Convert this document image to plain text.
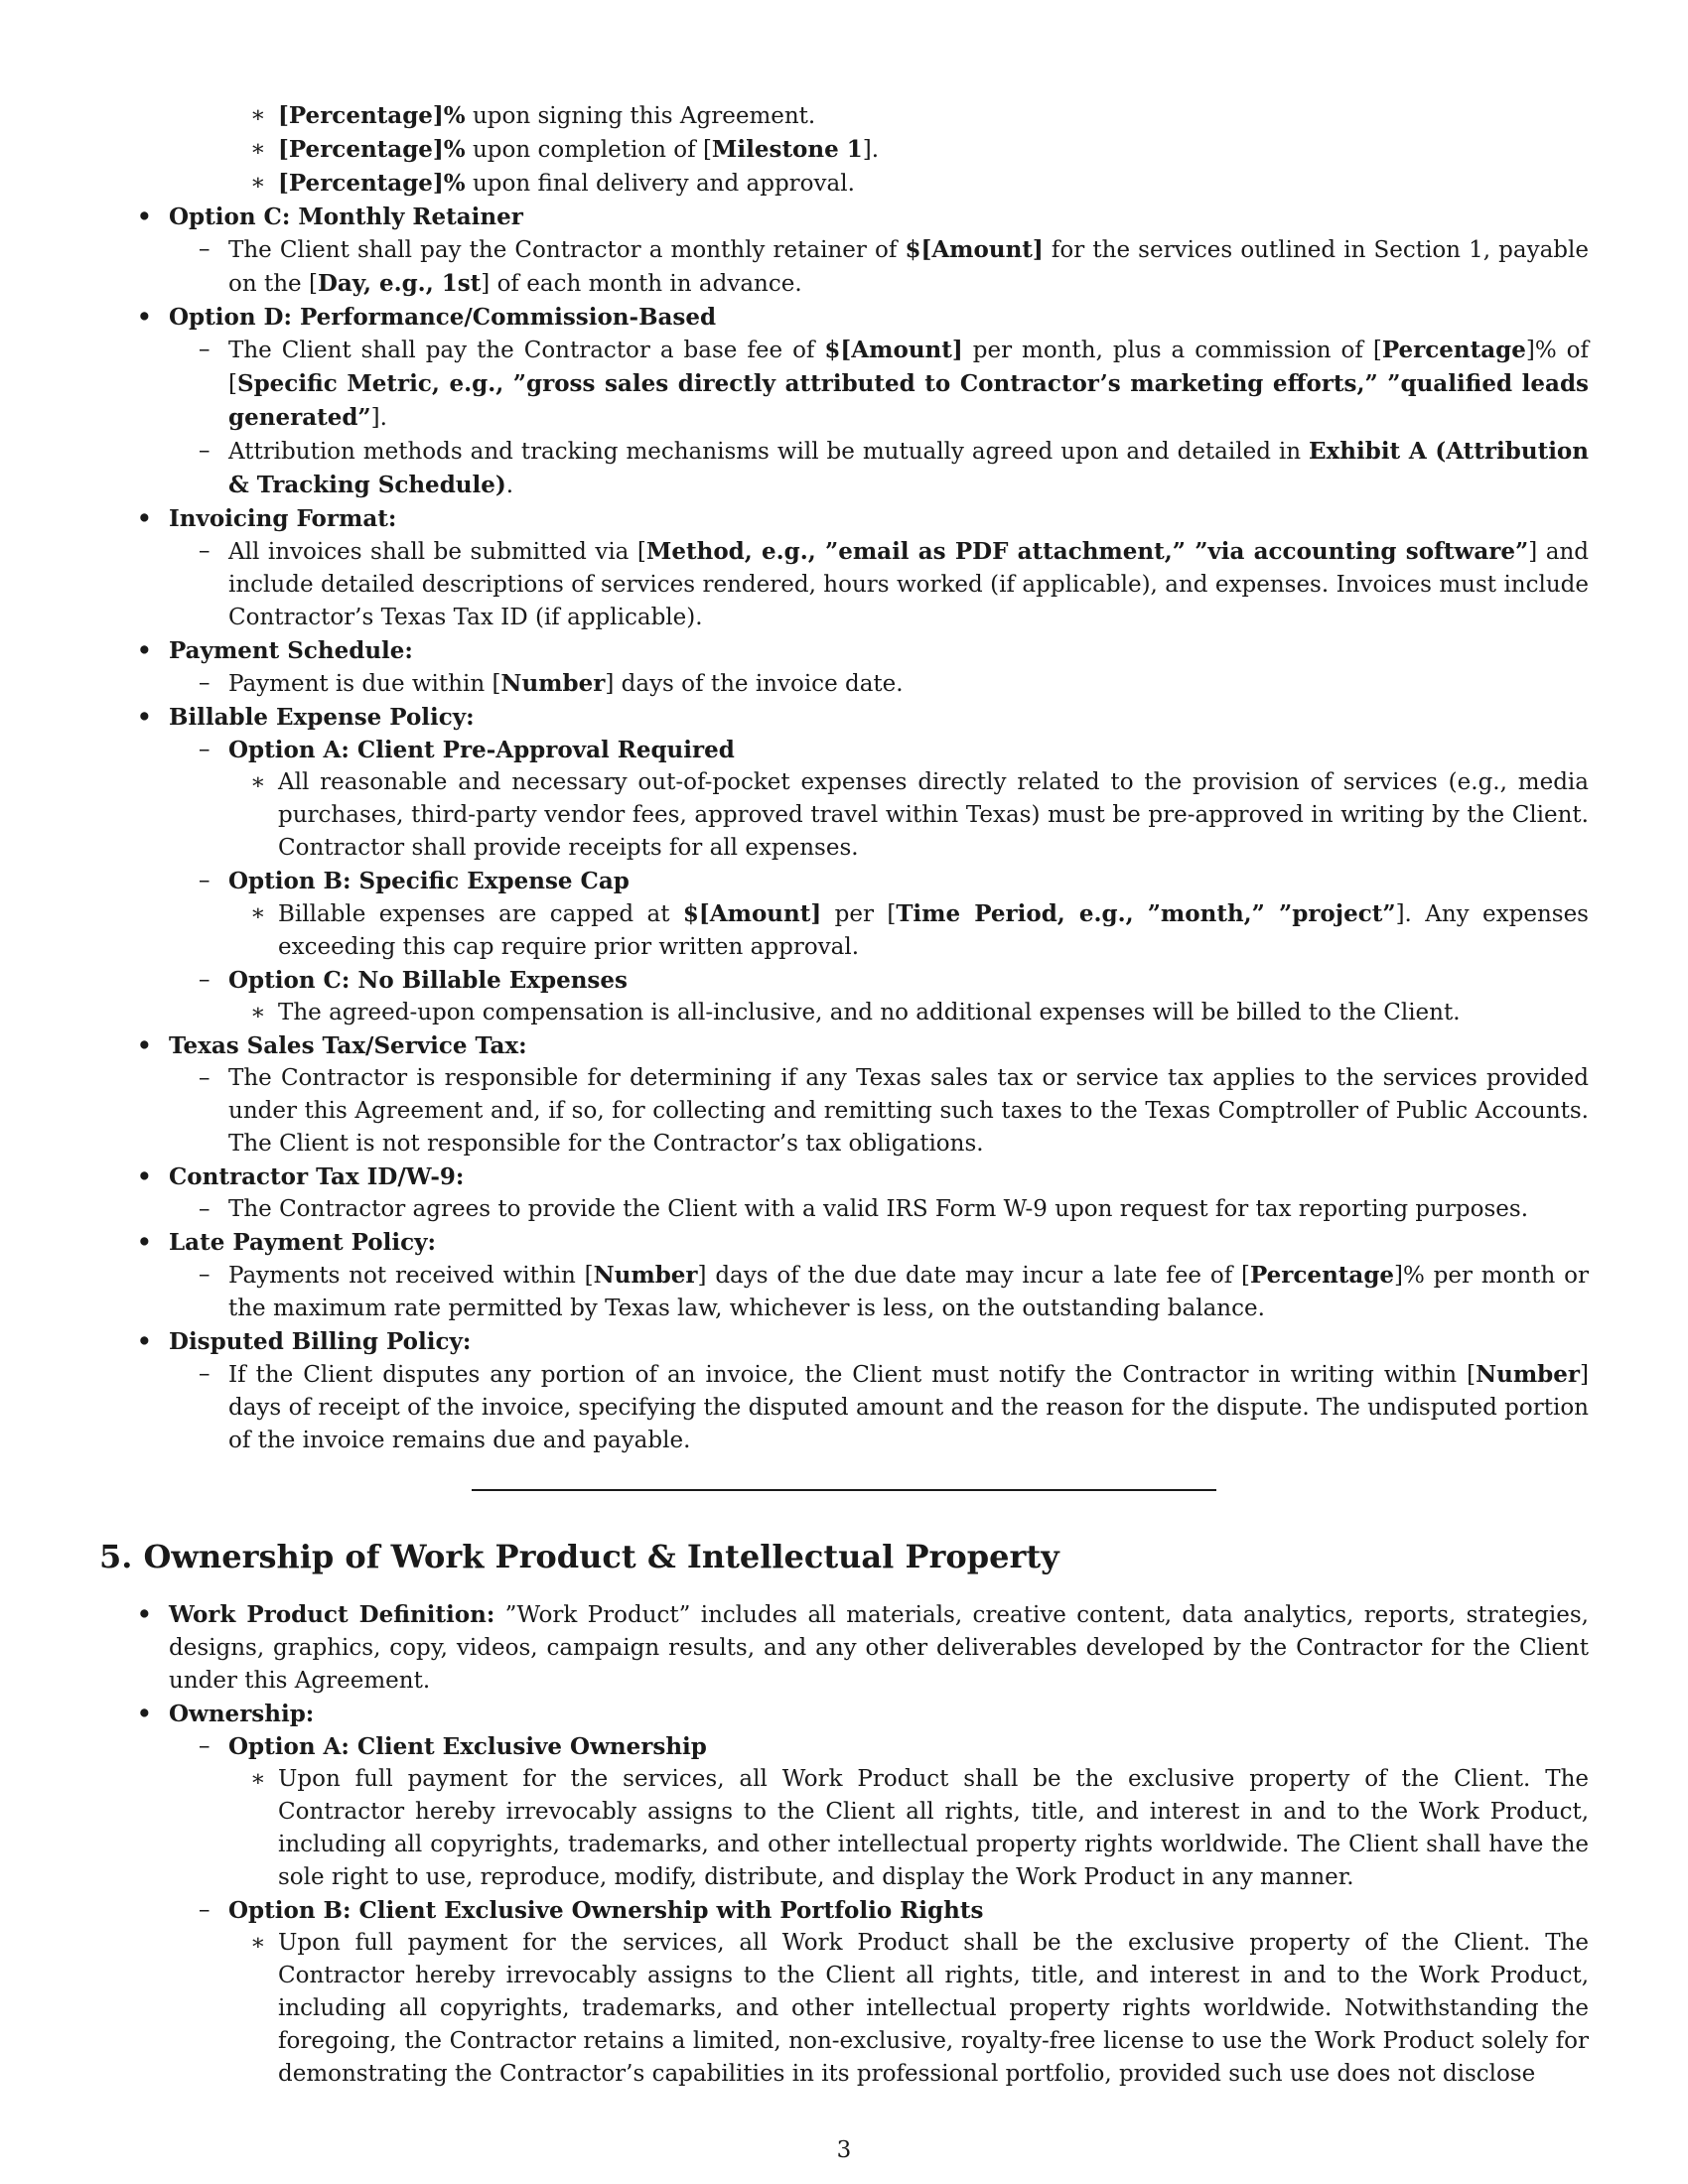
∗ [Percentage]% upon signing this Agreement.
∗ [Percentage]% upon completion of [Milestone 1].
∗ [Percentage]% upon final delivery and approval.
• Option C: Monthly Retainer
– The Client shall pay the Contractor a monthly retainer of $[Amount] for the services outlined in Section 1, payable on the [Day, e.g., 1st] of each month in advance.
• Option D: Performance/Commission-Based
– The Client shall pay the Contractor a base fee of $[Amount] per month, plus a commission of [Percentage]% of [Specific Metric, e.g., ”gross sales directly attributed to Contractor’s marketing efforts,” ”qualified leads generated”].
– Attribution methods and tracking mechanisms will be mutually agreed upon and detailed in Exhibit A (Attribution & Tracking Schedule).
• Invoicing Format:
– All invoices shall be submitted via [Method, e.g., ”email as PDF attachment,” ”via accounting software”] and include detailed descriptions of services rendered, hours worked (if applicable), and expenses. Invoices must include Contractor’s Texas Tax ID (if applicable).
• Payment Schedule:
– Payment is due within [Number] days of the invoice date.
• Billable Expense Policy:
– Option A: Client Pre-Approval Required
∗ All reasonable and necessary out-of-pocket expenses directly related to the provision of services (e.g., media purchases, third-party vendor fees, approved travel within Texas) must be pre-approved in writing by the Client. Contractor shall provide receipts for all expenses.
– Option B: Specific Expense Cap
∗ Billable expenses are capped at $[Amount] per [Time Period, e.g., ”month,” ”project”]. Any expenses exceeding this cap require prior written approval.
– Option C: No Billable Expenses
∗ The agreed-upon compensation is all-inclusive, and no additional expenses will be billed to the Client.
• Texas Sales Tax/Service Tax:
– The Contractor is responsible for determining if any Texas sales tax or service tax applies to the services provided under this Agreement and, if so, for collecting and remitting such taxes to the Texas Comptroller of Public Accounts. The Client is not responsible for the Contractor’s tax obligations.
• Contractor Tax ID/W-9:
– The Contractor agrees to provide the Client with a valid IRS Form W-9 upon request for tax reporting purposes.
• Late Payment Policy:
– Payments not received within [Number] days of the due date may incur a late fee of [Percentage]% per month or the maximum rate permitted by Texas law, whichever is less, on the outstanding balance.
• Disputed Billing Policy:
– If the Client disputes any portion of an invoice, the Client must notify the Contractor in writing within [Number] days of receipt of the invoice, specifying the disputed amount and the reason for the dispute. The undisputed portion of the invoice remains due and payable.
5. Ownership of Work Product & Intellectual Property
• Work Product Definition: ”Work Product” includes all materials, creative content, data analytics, reports, strategies, designs, graphics, copy, videos, campaign results, and any other deliverables developed by the Contractor for the Client under this Agreement.
• Ownership:
– Option A: Client Exclusive Ownership
∗ Upon full payment for the services, all Work Product shall be the exclusive property of the Client. The Contractor hereby irrevocably assigns to the Client all rights, title, and interest in and to the Work Product, including all copyrights, trademarks, and other intellectual property rights worldwide. The Client shall have the sole right to use, reproduce, modify, distribute, and display the Work Product in any manner.
– Option B: Client Exclusive Ownership with Portfolio Rights
∗ Upon full payment for the services, all Work Product shall be the exclusive property of the Client. The Contractor hereby irrevocably assigns to the Client all rights, title, and interest in and to the Work Product, including all copyrights, trademarks, and other intellectual property rights worldwide. Notwithstanding the foregoing, the Contractor retains a limited, non-exclusive, royalty-free license to use the Work Product solely for demonstrating the Contractor’s capabilities in its professional portfolio, provided such use does not disclose
3
